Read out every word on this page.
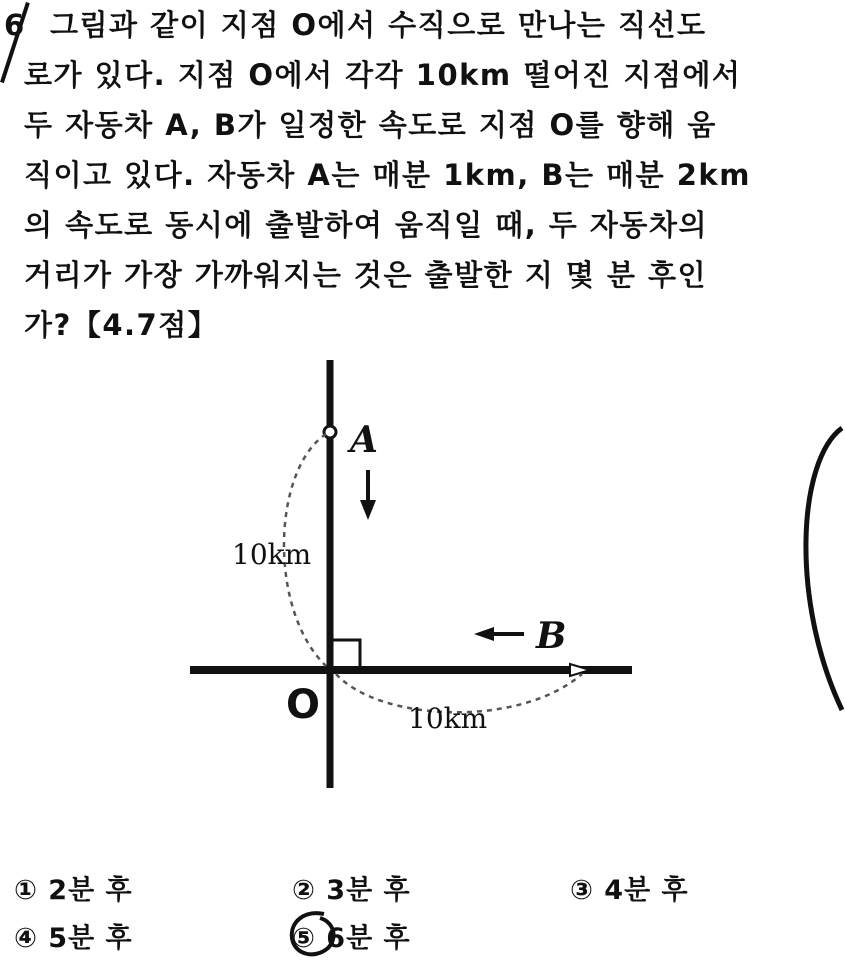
6 그림과 같이 지점 O에서 수직으로 만나는 직선도
로가 있다. 지점 O에서 각각 10km 떨어진 지점에서
두 자동차 A, B가 일정한 속도로 지점 O를 향해 움
직이고 있다. 자동차 A는 매분 1km, B는 매분 2km
의 속도로 동시에 출발하여 움직일 때, 두 자동차의
거리가 가장 가까워지는 것은 출발한 지 몇 분 후인
가?【4.7점】
A
B
O
10km
10km
① 2분 후	② 3분 후	③ 4분 후
④ 5분 후	⑤ 6분 후
